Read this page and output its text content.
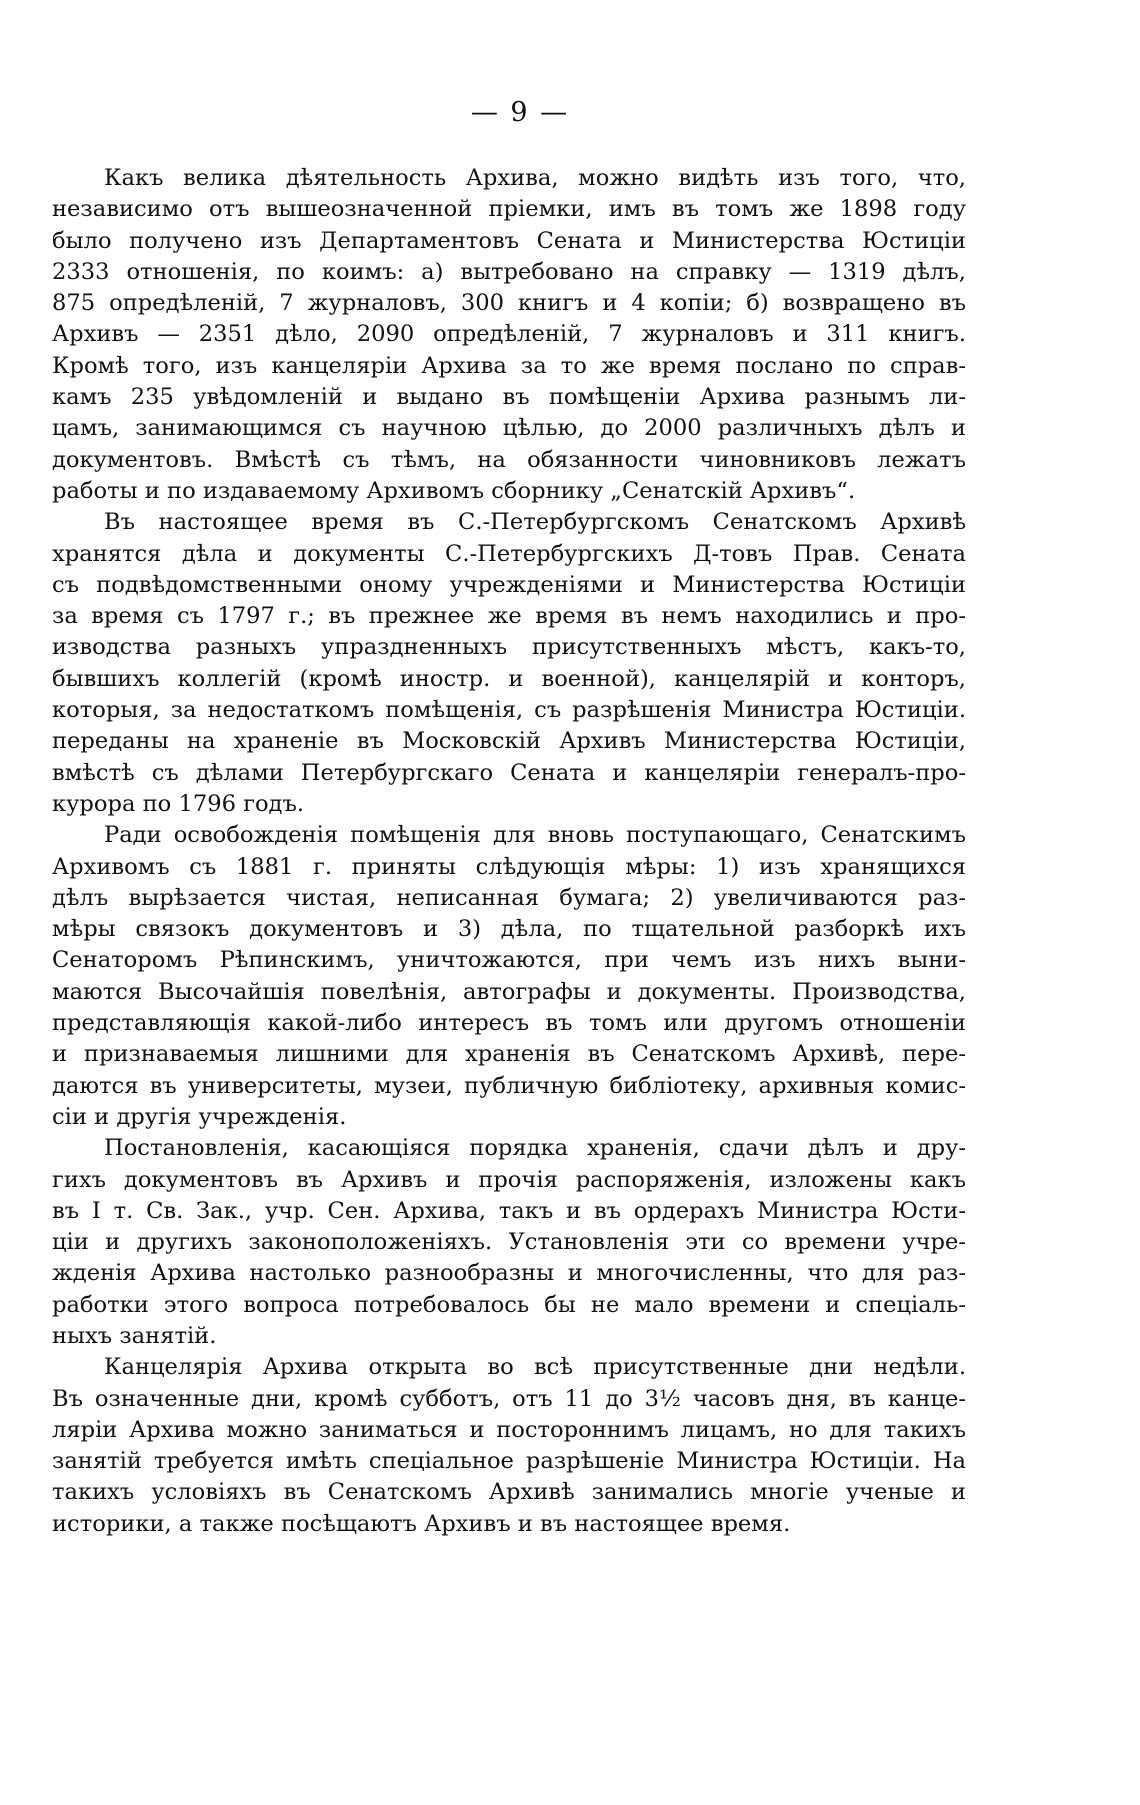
— 9 —
Какъ велика дѣятельность Архива, можно видѣть изъ того, что,
независимо отъ вышеозначенной пріемки, имъ въ томъ же 1898 году
было получено изъ Департаментовъ Сената и Министерства Юстиціи
2333 отношенія, по коимъ: а) вытребовано на справку — 1319 дѣлъ,
875 опредѣленій, 7 журналовъ, 300 книгъ и 4 копіи; б) возвращено въ
Архивъ — 2351 дѣло, 2090 опредѣленій, 7 журналовъ и 311 книгъ.
Кромѣ того, изъ канцеляріи Архива за то же время послано по справ-
камъ 235 увѣдомленій и выдано въ помѣщеніи Архива разнымъ ли-
цамъ, занимающимся съ научною цѣлью, до 2000 различныхъ дѣлъ и
документовъ. Вмѣстѣ съ тѣмъ, на обязанности чиновниковъ лежатъ
работы и по издаваемому Архивомъ сборнику „Сенатскій Архивъ“.
Въ настоящее время въ С.-Петербургскомъ Сенатскомъ Архивѣ
хранятся дѣла и документы С.-Петербургскихъ Д-товъ Прав. Сената
съ подвѣдомственными оному учрежденіями и Министерства Юстиціи
за время съ 1797 г.; въ прежнее же время въ немъ находились и про-
изводства разныхъ упраздненныхъ присутственныхъ мѣстъ, какъ-то,
бывшихъ коллегій (кромѣ иностр. и военной), канцелярій и конторъ,
которыя, за недостаткомъ помѣщенія, съ разрѣшенія Министра Юстиціи.
переданы на храненіе въ Московскій Архивъ Министерства Юстиціи,
вмѣстѣ съ дѣлами Петербургскаго Сената и канцеляріи генералъ-про-
курора по 1796 годъ.
Ради освобожденія помѣщенія для вновь поступающаго, Сенатскимъ
Архивомъ съ 1881 г. приняты слѣдующія мѣры: 1) изъ хранящихся
дѣлъ вырѣзается чистая, неписанная бумага; 2) увеличиваются раз-
мѣры связокъ документовъ и 3) дѣла, по тщательной разборкѣ ихъ
Сенаторомъ Рѣпинскимъ, уничтожаются, при чемъ изъ нихъ выни-
маются Высочайшія повелѣнія, автографы и документы. Производства,
представляющія какой-либо интересъ въ томъ или другомъ отношеніи
и признаваемыя лишними для храненія въ Сенатскомъ Архивѣ, пере-
даются въ университеты, музеи, публичную библіотеку, архивныя комис-
сіи и другія учрежденія.
Постановленія, касающіяся порядка храненія, сдачи дѣлъ и дру-
гихъ документовъ въ Архивъ и прочія распоряженія, изложены какъ
въ I т. Св. Зак., учр. Сен. Архива, такъ и въ ордерахъ Министра Юсти-
ціи и другихъ законоположеніяхъ. Установленія эти со времени учре-
жденія Архива настолько разнообразны и многочисленны, что для раз-
работки этого вопроса потребовалось бы не мало времени и спеціаль-
ныхъ занятій.
Канцелярія Архива открыта во всѣ присутственные дни недѣли.
Въ означенные дни, кромѣ субботъ, отъ 11 до 3½ часовъ дня, въ канце-
ляріи Архива можно заниматься и постороннимъ лицамъ, но для такихъ
занятій требуется имѣть спеціальное разрѣшеніе Министра Юстиціи. На
такихъ условіяхъ въ Сенатскомъ Архивѣ занимались многіе ученые и
историки, а также посѣщаютъ Архивъ и въ настоящее время.
